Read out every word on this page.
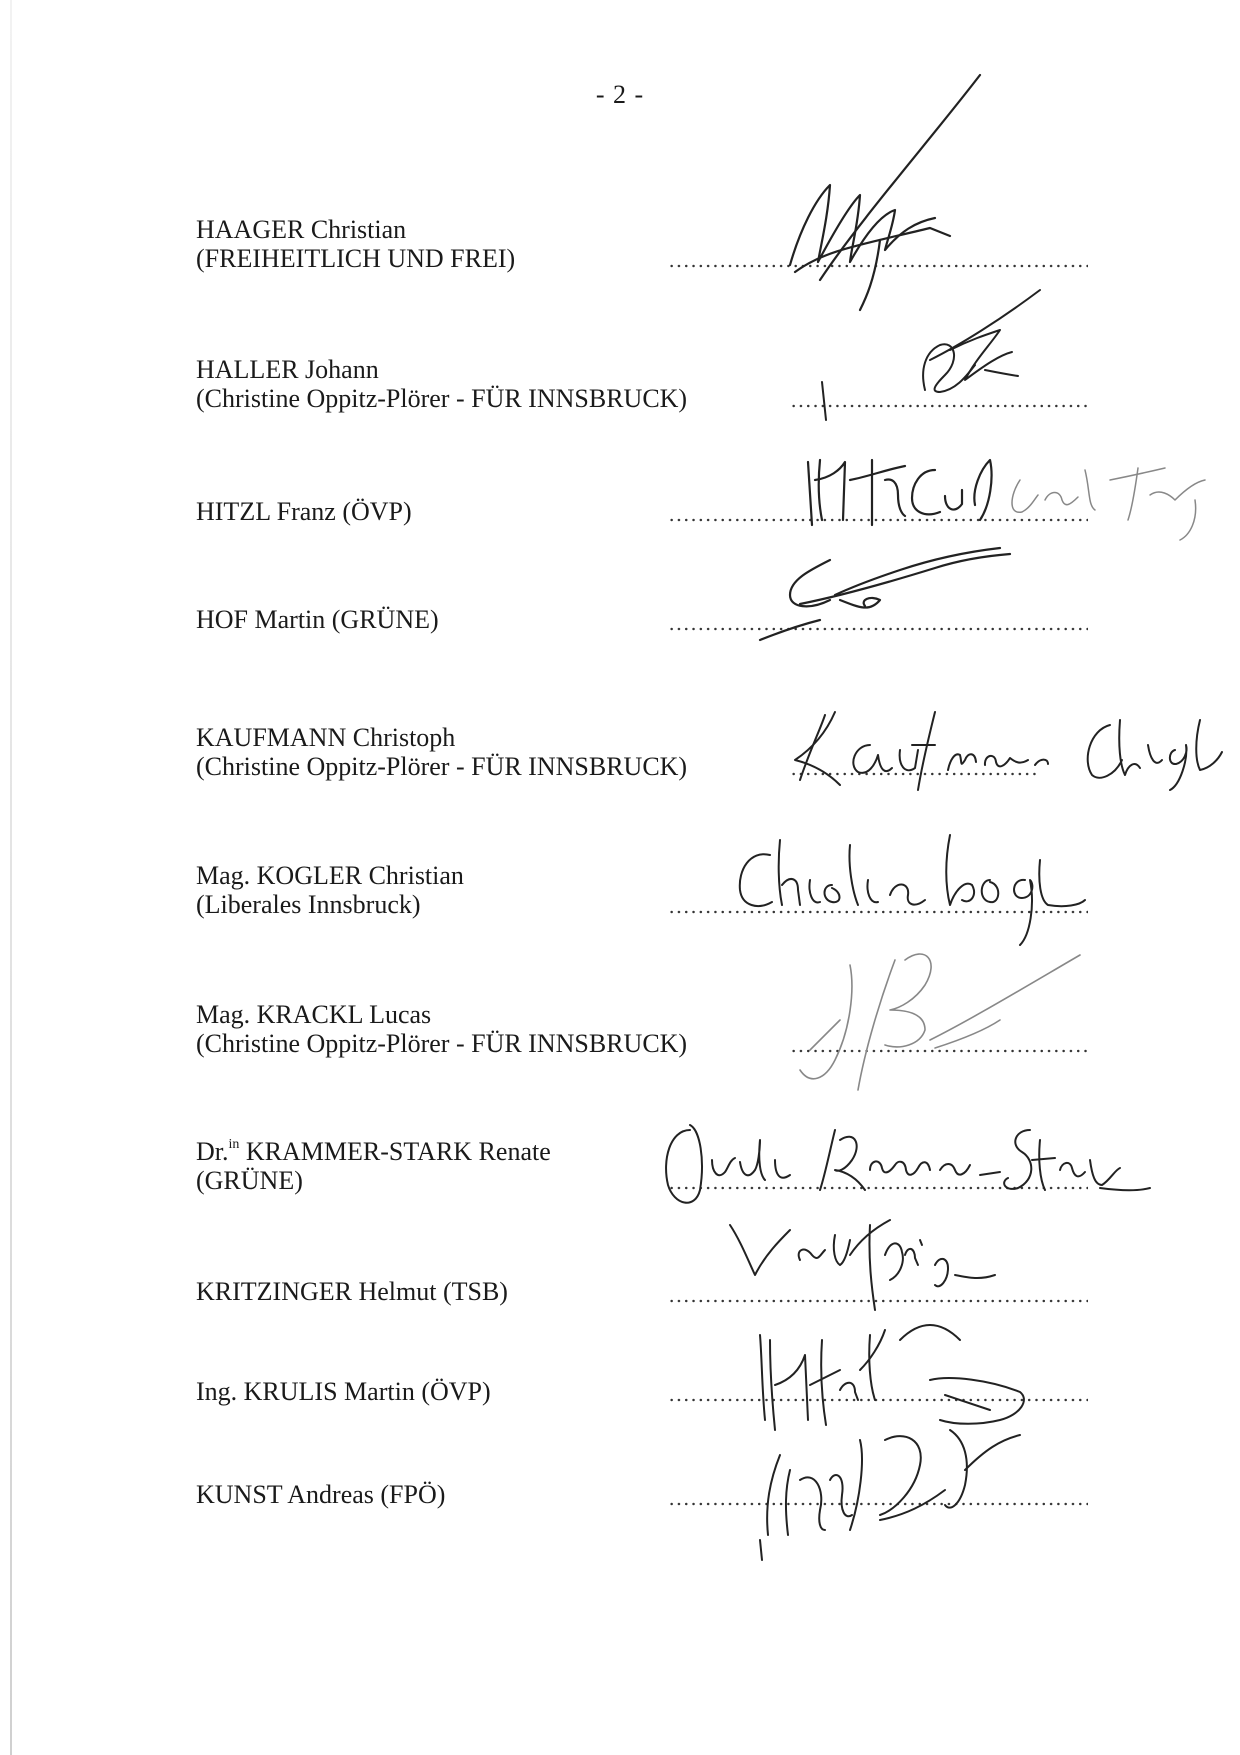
- 2 -
HAAGER Christian
(FREIHEITLICH UND FREI)
HALLER Johann
(Christine Oppitz-Plörer - FÜR INNSBRUCK)
HITZL Franz (ÖVP)
HOF Martin (GRÜNE)
KAUFMANN Christoph
(Christine Oppitz-Plörer - FÜR INNSBRUCK)
Mag. KOGLER Christian
(Liberales Innsbruck)
Mag. KRACKL Lucas
(Christine Oppitz-Plörer - FÜR INNSBRUCK)
Dr.$^{in}$ KRAMMER-STARK Renate
(GRÜNE)
KRITZINGER Helmut (TSB)
Ing. KRULIS Martin (ÖVP)
KUNST Andreas (FPÖ)
